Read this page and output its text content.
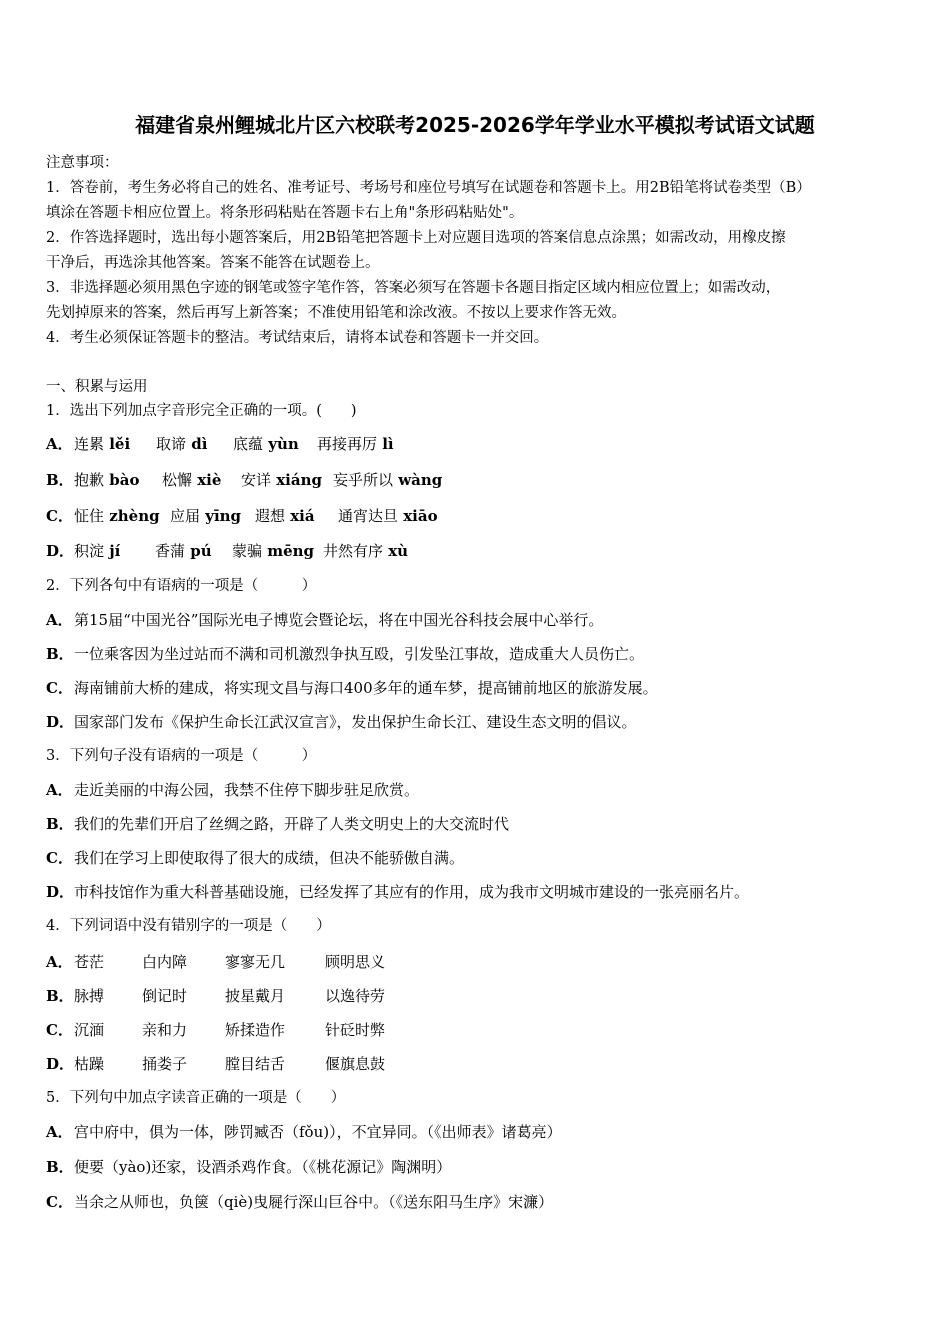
福建省泉州鲤城北片区六校联考2025-2026学年学业水平模拟考试语文试题
注意事项：
1．答卷前，考生务必将自己的姓名、准考证号、考场号和座位号填写在试题卷和答题卡上。用2B铅笔将试卷类型（B）
填涂在答题卡相应位置上。将条形码粘贴在答题卡右上角"条形码粘贴处"。
2．作答选择题时，选出每小题答案后，用2B铅笔把答题卡上对应题目选项的答案信息点涂黑；如需改动，用橡皮擦
干净后，再选涂其他答案。答案不能答在试题卷上。
3．非选择题必须用黑色字迹的钢笔或签字笔作答，答案必须写在答题卡各题目指定区域内相应位置上；如需改动，
先划掉原来的答案，然后再写上新答案；不准使用铅笔和涂改液。不按以上要求作答无效。
4．考生必须保证答题卡的整洁。考试结束后，请将本试卷和答题卡一并交回。
一、积累与运用
1．选出下列加点字音形完全正确的一项。(　　)
A．连累 lěi 取谛 dì 底蕴 yùn 再接再厉 lì
B．抱歉 bào 松懈 xiè 安详 xiáng 妄乎所以 wàng
C．怔住 zhèng 应届 yīng 遐想 xiá 通宵达旦 xiāo
D．积淀 jí 香蒲 pú 蒙骗 mēng 井然有序 xù
2．下列各句中有语病的一项是（　　　）
A．第15届“中国光谷”国际光电子博览会暨论坛，将在中国光谷科技会展中心举行。
B．一位乘客因为坐过站而不满和司机激烈争执互殴，引发坠江事故，造成重大人员伤亡。
C．海南铺前大桥的建成，将实现文昌与海口400多年的通车梦，提高铺前地区的旅游发展。
D．国家部门发布《保护生命长江武汉宣言》，发出保护生命长江、建设生态文明的倡议。
3．下列句子没有语病的一项是（　　　）
A．走近美丽的中海公园，我禁不住停下脚步驻足欣赏。
B．我们的先辈们开启了丝绸之路，开辟了人类文明史上的大交流时代
C．我们在学习上即使取得了很大的成绩，但决不能骄傲自满。
D．市科技馆作为重大科普基础设施，已经发挥了其应有的作用，成为我市文明城市建设的一张亮丽名片。
4．下列词语中没有错别字的一项是（　　）
A．苍茫	白内障	寥寥无几	顾明思义
B．脉搏	倒记时	披星戴月	以逸待劳
C．沉湎	亲和力	矫揉造作	针砭时弊
D．枯躁	捅娄子	膛目结舌	偃旗息鼓
5．下列句中加点字读音正确的一项是（　　）
A．宫中府中，俱为一体，陟罚臧否（fǒu)），不宜异同。（《出师表》诸葛亮）
B．便要（yào)还家，设酒杀鸡作食。（《桃花源记》陶渊明）
C．当余之从师也，负箧（qiè)曳屣行深山巨谷中。（《送东阳马生序》宋濂）
